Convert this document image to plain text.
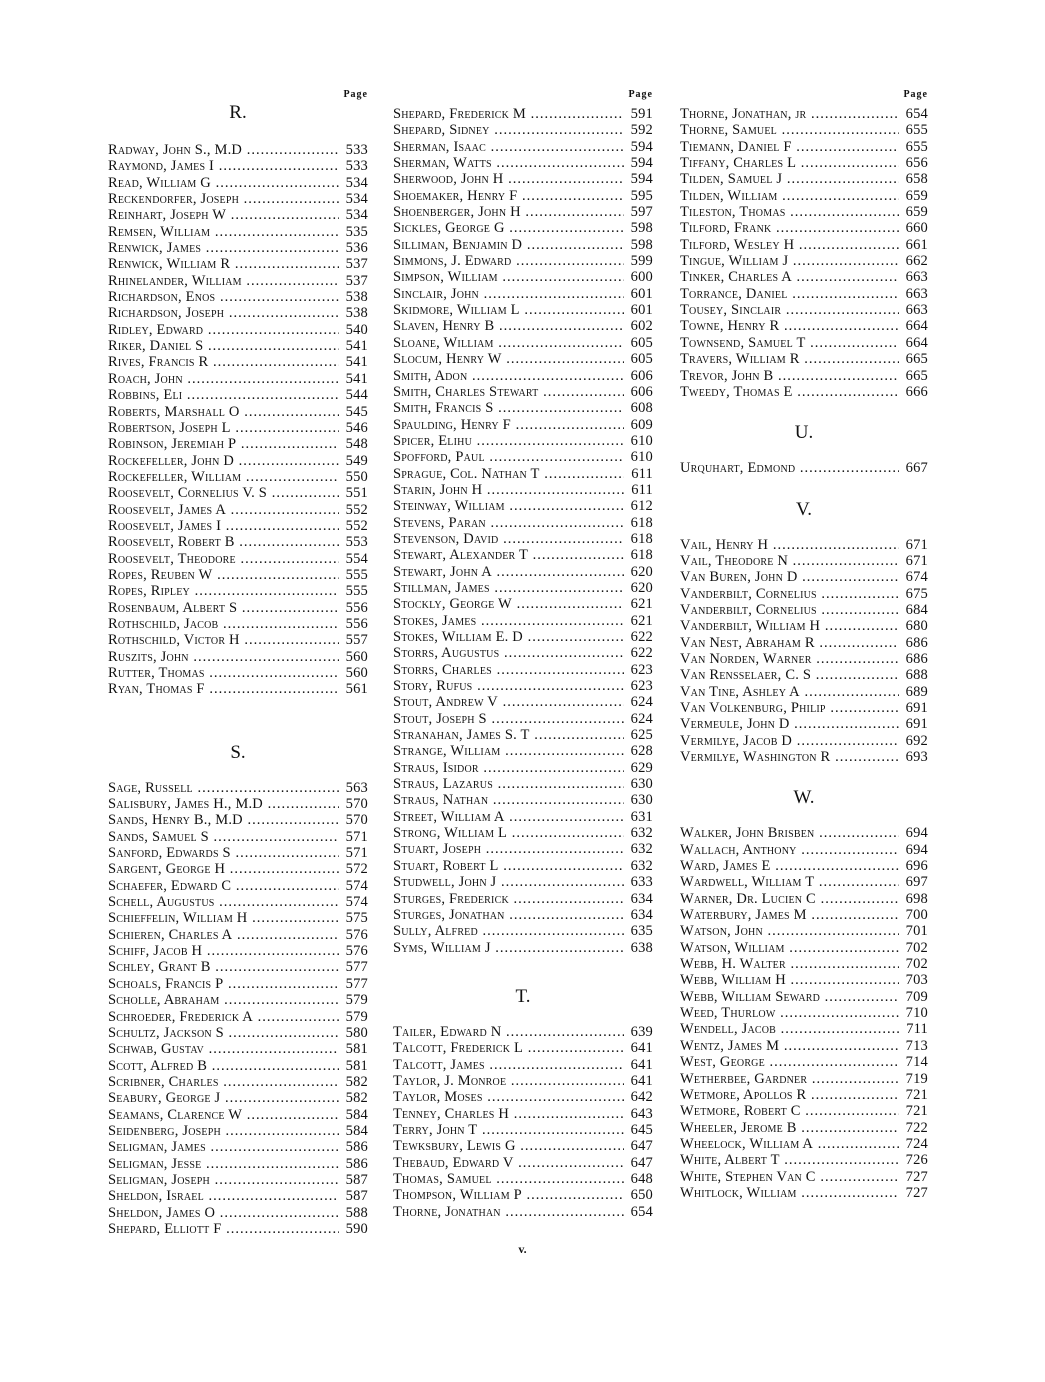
Page
R.
Radway, John S., M.D .....	533
Raymond, James I .....	533
Read, William G .....	534
Reckendorfer, Joseph .....	534
Reinhart, Joseph W .....	534
Remsen, William .....	535
Renwick, James .....	536
Renwick, William R .....	537
Rhinelander, William .....	537
Richardson, Enos .....	538
Richardson, Joseph .....	538
Ridley, Edward .....	540
Riker, Daniel S .....	541
Rives, Francis R .....	541
Roach, John .....	541
Robbins, Eli .....	544
Roberts, Marshall O .....	545
Robertson, Joseph L .....	546
Robinson, Jeremiah P .....	548
Rockefeller, John D .....	549
Rockefeller, William .....	550
Roosevelt, Cornelius V. S .....	551
Roosevelt, James A .....	552
Roosevelt, James I .....	552
Roosevelt, Robert B .....	553
Roosevelt, Theodore .....	554
Ropes, Reuben W .....	555
Ropes, Ripley .....	555
Rosenbaum, Albert S .....	556
Rothschild, Jacob .....	556
Rothschild, Victor H .....	557
Ruszits, John .....	560
Rutter, Thomas .....	560
Ryan, Thomas F .....	561
S.
Sage, Russell .....	563
Salisbury, James H., M.D .....	570
Sands, Henry B., M.D .....	570
Sands, Samuel S .....	571
Sanford, Edwards S .....	571
Sargent, George H .....	572
Schaefer, Edward C .....	574
Schell, Augustus .....	574
Schieffelin, William H .....	575
Schieren, Charles A .....	576
Schiff, Jacob H .....	576
Schley, Grant B .....	577
Schoals, Francis P .....	577
Scholle, Abraham .....	579
Schroeder, Frederick A .....	579
Schultz, Jackson S .....	580
Schwab, Gustav .....	581
Scott, Alfred B .....	581
Scribner, Charles .....	582
Seabury, George J .....	582
Seamans, Clarence W .....	584
Seidenberg, Joseph .....	584
Seligman, James .....	586
Seligman, Jesse .....	586
Seligman, Joseph .....	587
Sheldon, Israel .....	587
Sheldon, James O .....	588
Shepard, Elliott F .....	590
Page
Shepard, Frederick M .....	591
Shepard, Sidney .....	592
Sherman, Isaac .....	594
Sherman, Watts .....	594
Sherwood, John H .....	594
Shoemaker, Henry F .....	595
Shoenberger, John H .....	597
Sickles, George G .....	598
Silliman, Benjamin D .....	598
Simmons, J. Edward .....	599
Simpson, William .....	600
Sinclair, John .....	601
Skidmore, William L .....	601
Slaven, Henry B .....	602
Sloane, William .....	605
Slocum, Henry W .....	605
Smith, Adon .....	606
Smith, Charles Stewart .....	606
Smith, Francis S .....	608
Spaulding, Henry F .....	609
Spicer, Elihu .....	610
Spofford, Paul .....	610
Sprague, Col. Nathan T .....	611
Starin, John H .....	611
Steinway, William .....	612
Stevens, Paran .....	618
Stevenson, David .....	618
Stewart, Alexander T .....	618
Stewart, John A .....	620
Stillman, James .....	620
Stockly, George W .....	621
Stokes, James .....	621
Stokes, William E. D .....	622
Storrs, Augustus .....	622
Storrs, Charles .....	623
Story, Rufus .....	623
Stout, Andrew V .....	624
Stout, Joseph S .....	624
Stranahan, James S. T .....	625
Strange, William .....	628
Straus, Isidor .....	629
Straus, Lazarus .....	630
Straus, Nathan .....	630
Street, William A .....	631
Strong, William L .....	632
Stuart, Joseph .....	632
Stuart, Robert L .....	632
Studwell, John J .....	633
Sturges, Frederick .....	634
Sturges, Jonathan .....	634
Sully, Alfred .....	635
Syms, William J .....	638
T.
Tailer, Edward N .....	639
Talcott, Frederick L .....	641
Talcott, James .....	641
Taylor, J. Monroe .....	641
Taylor, Moses .....	642
Tenney, Charles H .....	643
Terry, John T .....	645
Tewksbury, Lewis G .....	647
Thebaud, Edward V .....	647
Thomas, Samuel .....	648
Thompson, William P .....	650
Thorne, Jonathan .....	654
Page
Thorne, Jonathan, jr .....	654
Thorne, Samuel .....	655
Tiemann, Daniel F .....	655
Tiffany, Charles L .....	656
Tilden, Samuel J .....	658
Tilden, William .....	659
Tileston, Thomas .....	659
Tilford, Frank .....	660
Tilford, Wesley H .....	661
Tingue, William J .....	662
Tinker, Charles A .....	663
Torrance, Daniel .....	663
Tousey, Sinclair .....	663
Towne, Henry R .....	664
Townsend, Samuel T .....	664
Travers, William R .....	665
Trevor, John B .....	665
Tweedy, Thomas E .....	666
U.
Urquhart, Edmond .....	667
V.
Vail, Henry H .....	671
Vail, Theodore N .....	671
Van Buren, John D .....	674
Vanderbilt, Cornelius .....	675
Vanderbilt, Cornelius .....	684
Vanderbilt, William H .....	680
Van Nest, Abraham R .....	686
Van Norden, Warner .....	686
Van Rensselaer, C. S .....	688
Van Tine, Ashley A .....	689
Van Volkenburg, Philip .....	691
Vermeule, John D .....	691
Vermilye, Jacob D .....	692
Vermilye, Washington R .....	693
W.
Walker, John Brisben .....	694
Wallach, Anthony .....	694
Ward, James E .....	696
Wardwell, William T .....	697
Warner, Dr. Lucien C .....	698
Waterbury, James M .....	700
Watson, John .....	701
Watson, William .....	702
Webb, H. Walter .....	702
Webb, William H .....	703
Webb, William Seward .....	709
Weed, Thurlow .....	710
Wendell, Jacob .....	711
Wentz, James M .....	713
West, George .....	714
Wetherbee, Gardner .....	719
Wetmore, Apollos R .....	721
Wetmore, Robert C .....	721
Wheeler, Jerome B .....	722
Wheelock, William A .....	724
White, Albert T .....	726
White, Stephen Van C .....	727
Whitlock, William .....	727
v.
